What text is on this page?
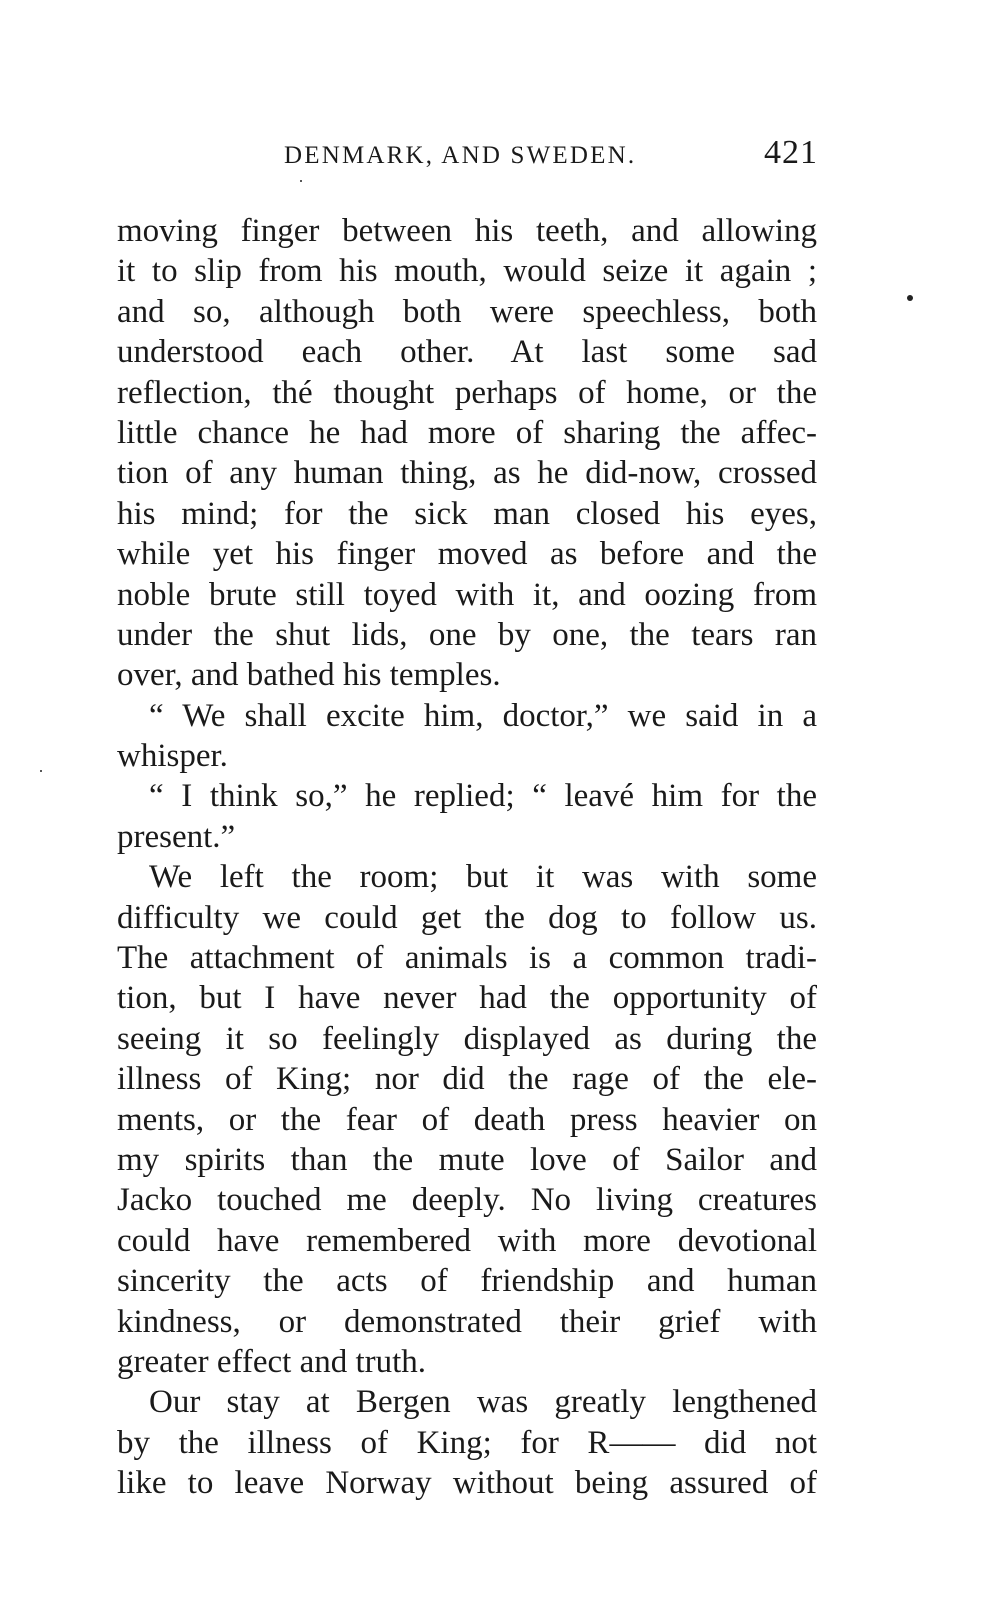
DENMARK, AND SWEDEN.	421
moving finger between his teeth, and allowing
it to slip from his mouth, would seize it again ;
and so, although both were speechless, both
understood each other. At last some sad
reflection, thé thought perhaps of home, or the
little chance he had more of sharing the affec-
tion of any human thing, as he did-now, crossed
his mind; for the sick man closed his eyes,
while yet his finger moved as before and the
noble brute still toyed with it, and oozing from
under the shut lids, one by one, the tears ran
over, and bathed his temples.
“ We shall excite him, doctor,” we said in a
whisper.
“ I think so,” he replied; “ leavé him for the
present.”
We left the room; but it was with some
difficulty we could get the dog to follow us.
The attachment of animals is a common tradi-
tion, but I have never had the opportunity of
seeing it so feelingly displayed as during the
illness of King; nor did the rage of the ele-
ments, or the fear of death press heavier on
my spirits than the mute love of Sailor and
Jacko touched me deeply. No living creatures
could have remembered with more devotional
sincerity the acts of friendship and human
kindness, or demonstrated their grief with
greater effect and truth.
Our stay at Bergen was greatly lengthened
by the illness of King; for R—— did not
like to leave Norway without being assured of
